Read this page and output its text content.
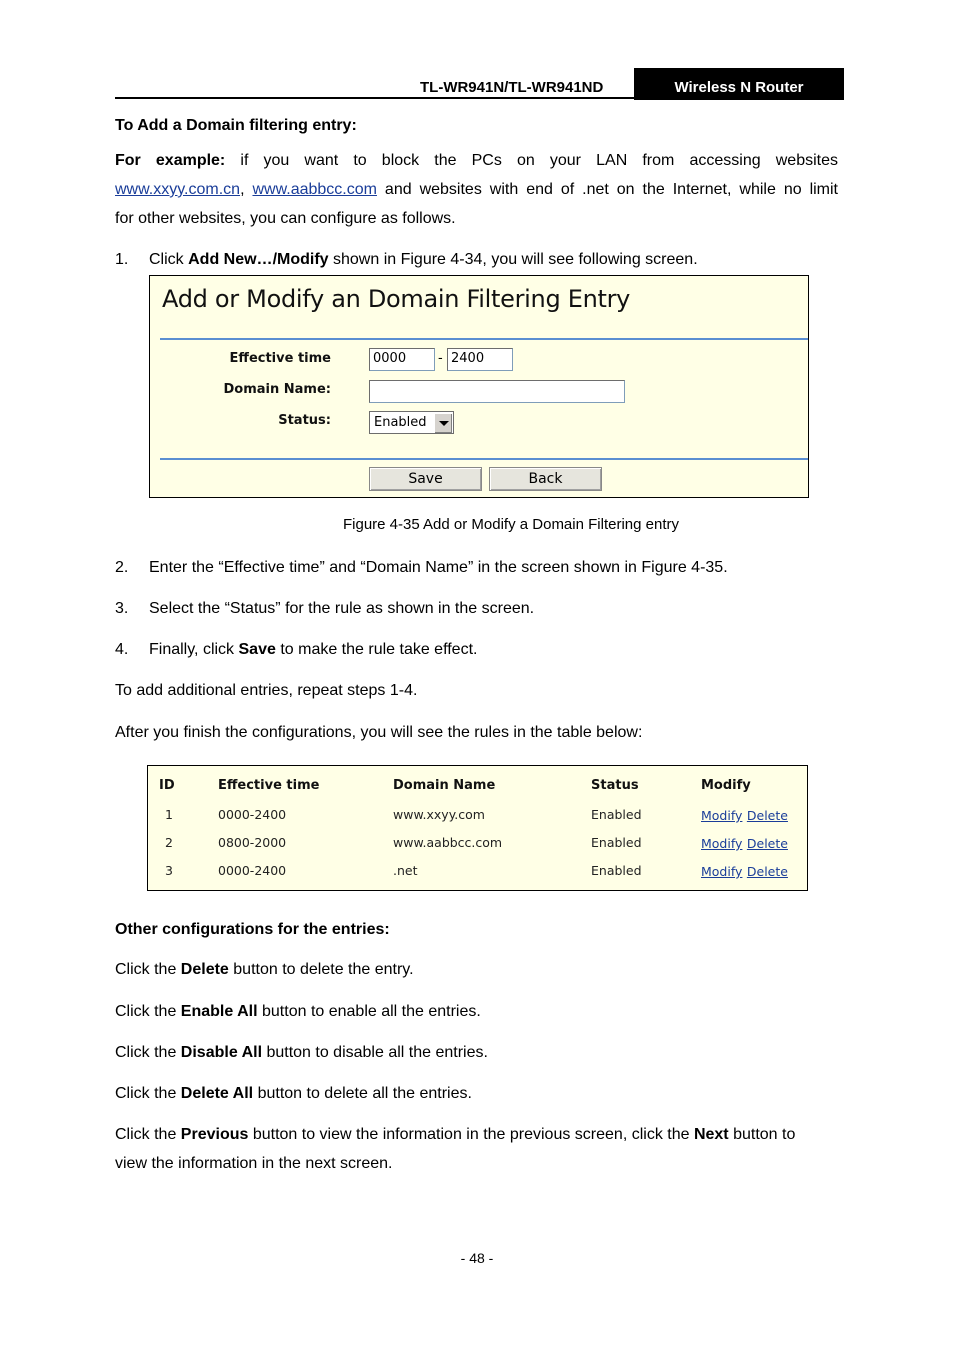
TL-WR941N/TL-WR941ND	Wireless N Router
To Add a Domain filtering entry:
For example: if you want to block the PCs on your LAN from accessing websites
www.xxyy.com.cn, www.aabbcc.com and websites with end of .net on the Internet, while no limit
for other websites, you can configure as follows.
1. Click Add New…/Modify shown in Figure 4-34, you will see following screen.
Add or Modify an Domain Filtering Entry
Effective time	0000	- 2400
Domain Name:
Status:	Enabled
Save	Back
Figure 4-35 Add or Modify a Domain Filtering entry
2. Enter the “Effective time” and “Domain Name” in the screen shown in Figure 4-35.
3. Select the “Status” for the rule as shown in the screen.
4. Finally, click Save to make the rule take effect.
To add additional entries, repeat steps 1-4.
After you finish the configurations, you will see the rules in the table below:
ID	Effective time	Domain Name	Status	Modify
1	0000-2400	www.xxyy.com	Enabled	Modify Delete
2	0800-2000	www.aabbcc.com	Enabled	Modify Delete
3	0000-2400	.net	Enabled	Modify Delete
Other configurations for the entries:
Click the Delete button to delete the entry.
Click the Enable All button to enable all the entries.
Click the Disable All button to disable all the entries.
Click the Delete All button to delete all the entries.
Click the Previous button to view the information in the previous screen, click the Next button to
view the information in the next screen.
- 48 -
